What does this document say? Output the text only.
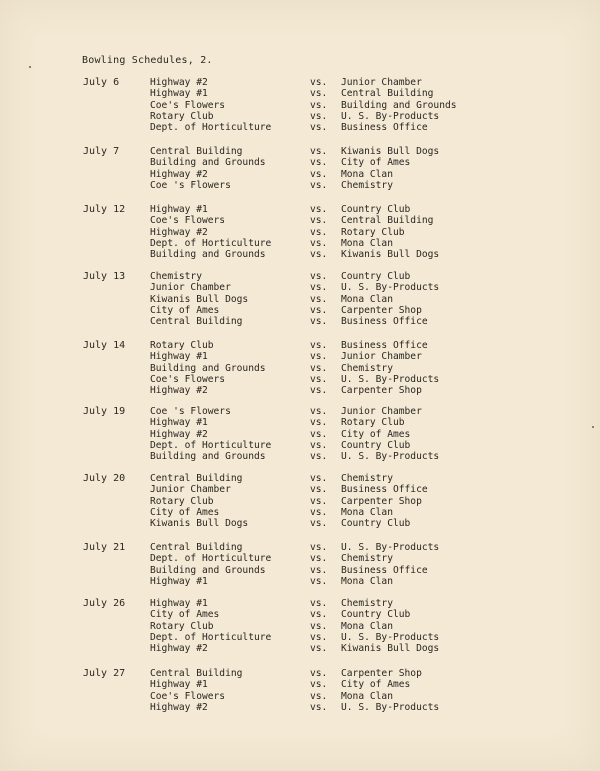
Bowling Schedules, 2.
July 6	Highway #2	vs. Junior Chamber
Highway #1	vs. Central Building
Coe's Flowers	vs. Building and Grounds
Rotary Club	vs. U. S. By-Products
Dept. of Horticulture	vs. Business Office
July 7	Central Building	vs. Kiwanis Bull Dogs
Building and Grounds	vs. City of Ames
Highway #2	vs. Mona Clan
Coe 's Flowers	vs. Chemistry
July 12	Highway #1	vs. Country Club
Coe's Flowers	vs. Central Building
Highway #2	vs. Rotary Club
Dept. of Horticulture	vs. Mona Clan
Building and Grounds	vs. Kiwanis Bull Dogs
July 13	Chemistry	vs. Country Club
Junior Chamber	vs. U. S. By-Products
Kiwanis Bull Dogs	vs. Mona Clan
City of Ames	vs. Carpenter Shop
Central Building	vs. Business Office
July 14	Rotary Club	vs. Business Office
Highway #1	vs. Junior Chamber
Building and Grounds	vs. Chemistry
Coe's Flowers	vs. U. S. By-Products
Highway #2	vs. Carpenter Shop
July 19	Coe 's Flowers	vs. Junior Chamber
Highway #1	vs. Rotary Club
Highway #2	vs. City of Ames
Dept. of Horticulture	vs. Country Club
Building and Grounds	vs. U. S. By-Products
July 20	Central Building	vs. Chemistry
Junior Chamber	vs. Business Office
Rotary Club	vs. Carpenter Shop
City of Ames	vs. Mona Clan
Kiwanis Bull Dogs	vs. Country Club
July 21	Central Building	vs. U. S. By-Products
Dept. of Horticulture	vs. Chemistry
Building and Grounds	vs. Business Office
Highway #1	vs. Mona Clan
July 26	Highway #1	vs. Chemistry
City of Ames	vs. Country Club
Rotary Club	vs. Mona Clan
Dept. of Horticulture	vs. U. S. By-Products
Highway #2	vs. Kiwanis Bull Dogs
July 27	Central Building	vs. Carpenter Shop
Highway #1	vs. City of Ames
Coe's Flowers	vs. Mona Clan
Highway #2	vs. U. S. By-Products
